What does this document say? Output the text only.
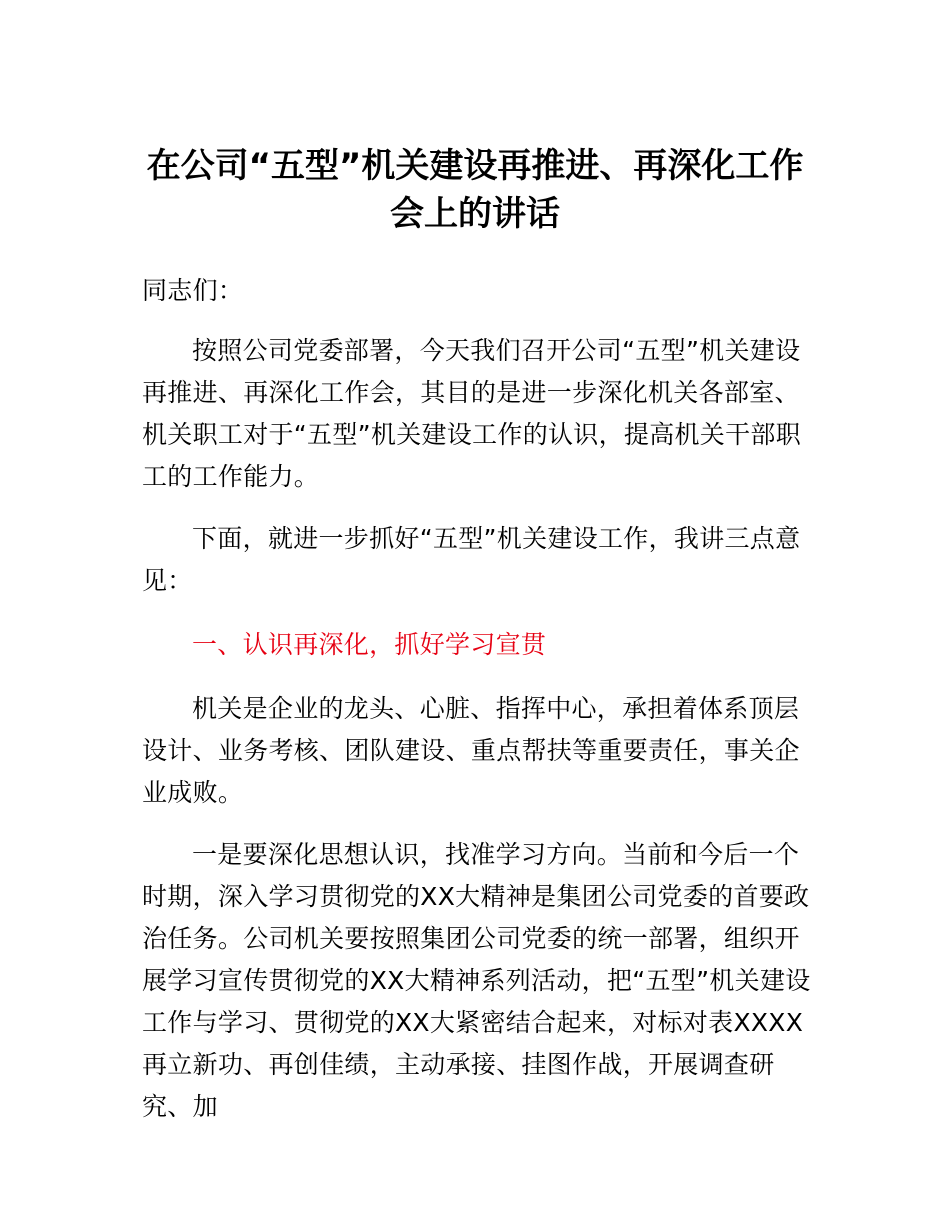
在公司“五型”机关建设再推进、再深化工作
会上的讲话

同志们：

按照公司党委部署，今天我们召开公司“五型”机关建设再推进、再深化工作会，其目的是进一步深化机关各部室、机关职工对于“五型”机关建设工作的认识，提高机关干部职工的工作能力。

下面，就进一步抓好“五型”机关建设工作，我讲三点意见：

一、认识再深化，抓好学习宣贯

机关是企业的龙头、心脏、指挥中心，承担着体系顶层设计、业务考核、团队建设、重点帮扶等重要责任，事关企业成败。

一是要深化思想认识，找准学习方向。当前和今后一个时期，深入学习贯彻党的XX大精神是集团公司党委的首要政治任务。公司机关要按照集团公司党委的统一部署，组织开展学习宣传贯彻党的XX大精神系列活动，把“五型”机关建设工作与学习、贯彻党的XX大紧密结合起来，对标对表XXXX再立新功、再创佳绩，主动承接、挂图作战，开展调查研究、加
